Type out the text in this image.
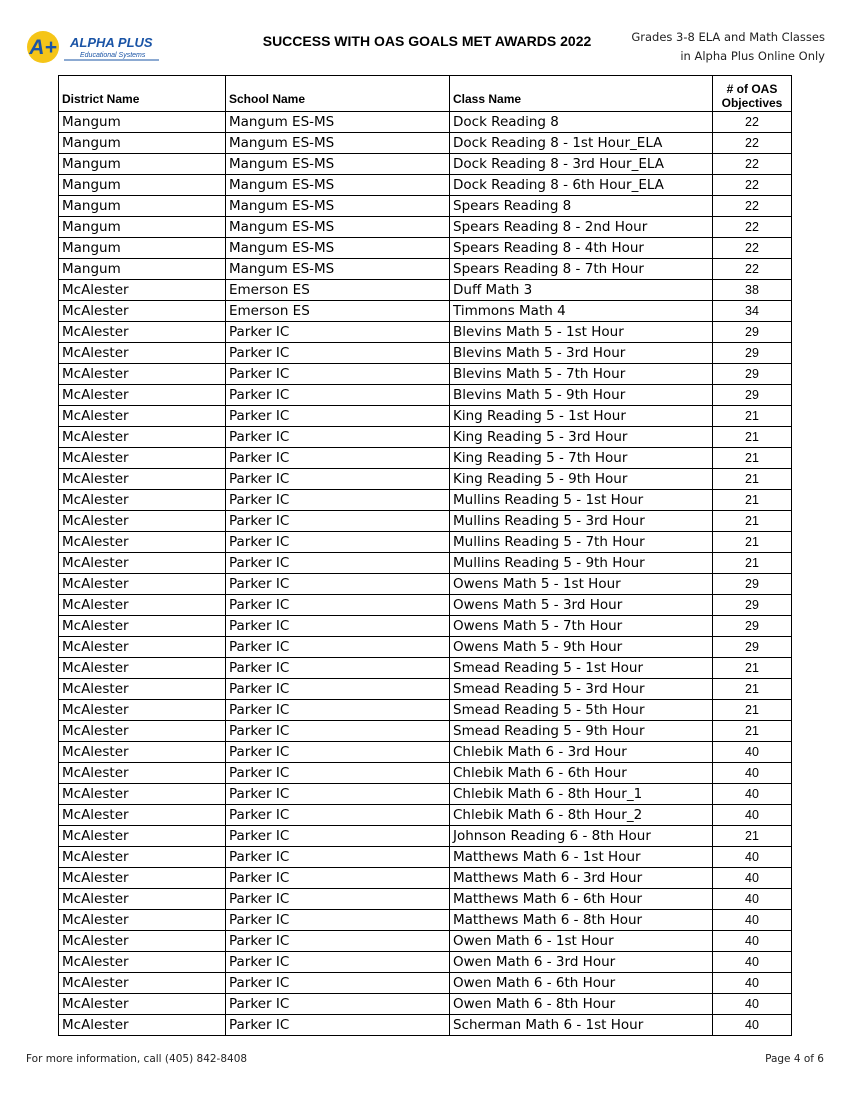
A+ ALPHA PLUS
Educational Systems
SUCCESS WITH OAS GOALS MET AWARDS 2022	Grades 3-8 ELA and Math Classes
in Alpha Plus Online Only
District Name	School Name	Class Name	# of OAS
Objectives

Mangum	Mangum ES-MS	Dock Reading 8	22
Mangum	Mangum ES-MS	Dock Reading 8 - 1st Hour_ELA	22
Mangum	Mangum ES-MS	Dock Reading 8 - 3rd Hour_ELA	22
Mangum	Mangum ES-MS	Dock Reading 8 - 6th Hour_ELA	22
Mangum	Mangum ES-MS	Spears Reading 8	22
Mangum	Mangum ES-MS	Spears Reading 8 - 2nd Hour	22
Mangum	Mangum ES-MS	Spears Reading 8 - 4th Hour	22
Mangum	Mangum ES-MS	Spears Reading 8 - 7th Hour	22
McAlester	Emerson ES	Duff Math 3	38
McAlester	Emerson ES	Timmons Math 4	34
McAlester	Parker IC	Blevins Math 5 - 1st Hour	29
McAlester	Parker IC	Blevins Math 5 - 3rd Hour	29
McAlester	Parker IC	Blevins Math 5 - 7th Hour	29
McAlester	Parker IC	Blevins Math 5 - 9th Hour	29
McAlester	Parker IC	King Reading 5 - 1st Hour	21
McAlester	Parker IC	King Reading 5 - 3rd Hour	21
McAlester	Parker IC	King Reading 5 - 7th Hour	21
McAlester	Parker IC	King Reading 5 - 9th Hour	21
McAlester	Parker IC	Mullins Reading 5 - 1st Hour	21
McAlester	Parker IC	Mullins Reading 5 - 3rd Hour	21
McAlester	Parker IC	Mullins Reading 5 - 7th Hour	21
McAlester	Parker IC	Mullins Reading 5 - 9th Hour	21
McAlester	Parker IC	Owens Math 5 - 1st Hour	29
McAlester	Parker IC	Owens Math 5 - 3rd Hour	29
McAlester	Parker IC	Owens Math 5 - 7th Hour	29
McAlester	Parker IC	Owens Math 5 - 9th Hour	29
McAlester	Parker IC	Smead Reading 5 - 1st Hour	21
McAlester	Parker IC	Smead Reading 5 - 3rd Hour	21
McAlester	Parker IC	Smead Reading 5 - 5th Hour	21
McAlester	Parker IC	Smead Reading 5 - 9th Hour	21
McAlester	Parker IC	Chlebik Math 6 - 3rd Hour	40
McAlester	Parker IC	Chlebik Math 6 - 6th Hour	40
McAlester	Parker IC	Chlebik Math 6 - 8th Hour_1	40
McAlester	Parker IC	Chlebik Math 6 - 8th Hour_2	40
McAlester	Parker IC	Johnson Reading 6 - 8th Hour	21
McAlester	Parker IC	Matthews Math 6 - 1st Hour	40
McAlester	Parker IC	Matthews Math 6 - 3rd Hour	40
McAlester	Parker IC	Matthews Math 6 - 6th Hour	40
McAlester	Parker IC	Matthews Math 6 - 8th Hour	40
McAlester	Parker IC	Owen Math 6 - 1st Hour	40
McAlester	Parker IC	Owen Math 6 - 3rd Hour	40
McAlester	Parker IC	Owen Math 6 - 6th Hour	40
McAlester	Parker IC	Owen Math 6 - 8th Hour	40
McAlester	Parker IC	Scherman Math 6 - 1st Hour	40
For more information, call (405) 842-8408	Page 4 of 6
